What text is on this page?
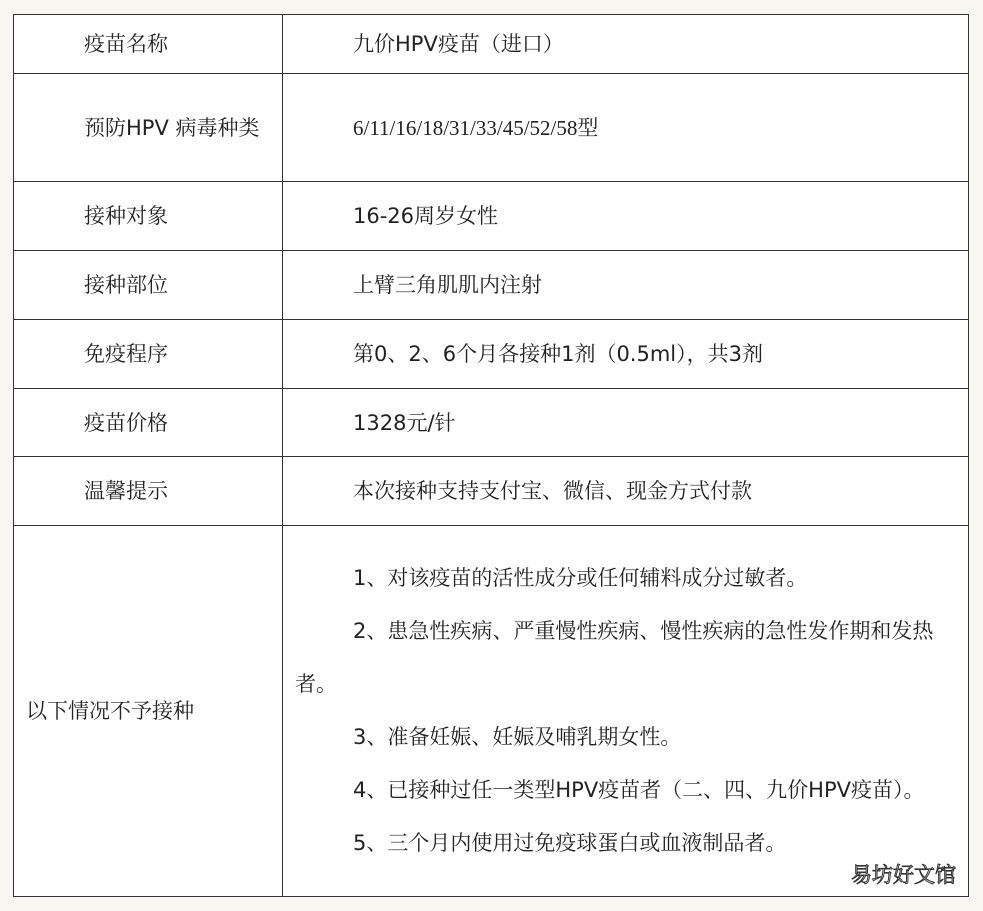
疫苗名称	九价HPV疫苗（进口）
预防HPV 病毒种类	6/11/16/18/31/33/45/52/58型
接种对象	16-26周岁女性
接种部位	上臂三角肌肌内注射
免疫程序	第0、2、6个月各接种1剂（0.5ml），共3剂
疫苗价格	1328元/针
温馨提示	本次接种支持支付宝、微信、现金方式付款
以下情况不予接种	1、对该疫苗的活性成分或任何辅料成分过敏者。

2、患急性疾病、严重慢性疾病、慢性疾病的急性发作期和发热者。

3、准备妊娠、妊娠及哺乳期女性。

4、已接种过任一类型HPV疫苗者（二、四、九价HPV疫苗）。

5、三个月内使用过免疫球蛋白或血液制品者。

易坊好文馆
